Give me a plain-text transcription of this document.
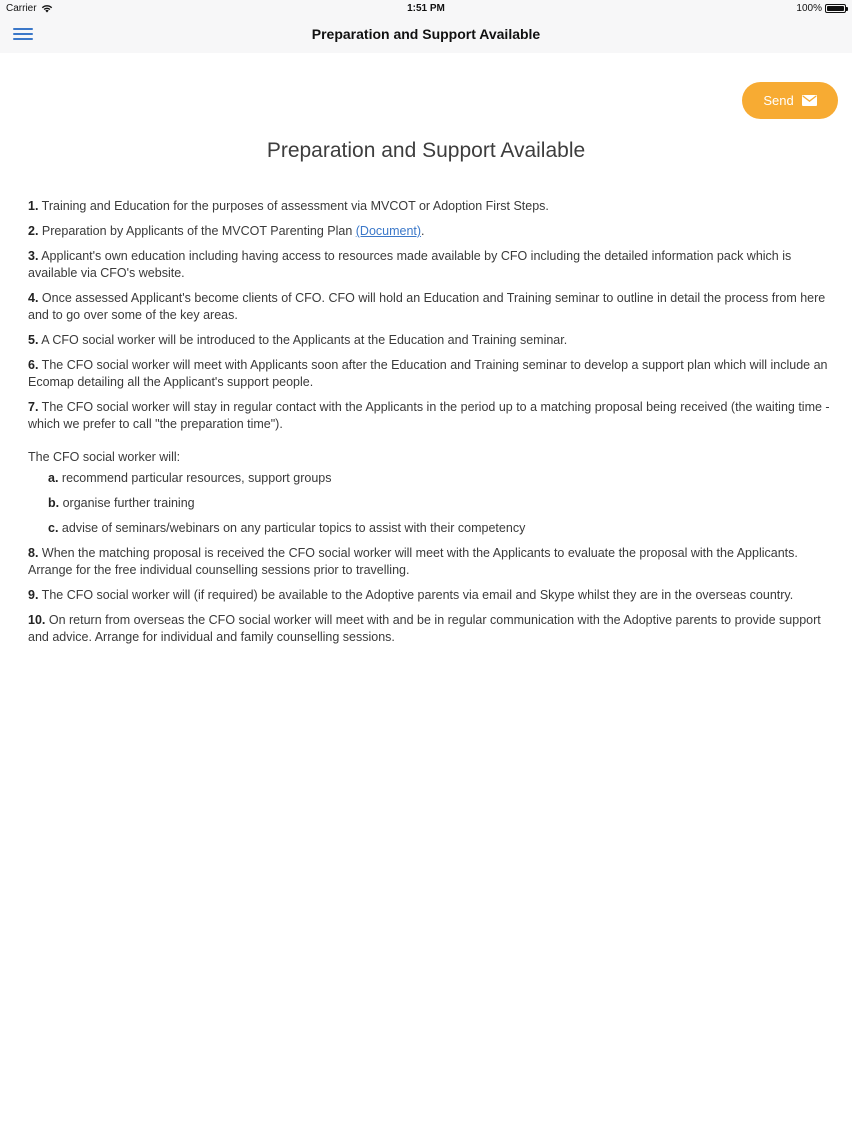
Carrier	1:51 PM	100%
Preparation and Support Available
Send
Preparation and Support Available
1. Training and Education for the purposes of assessment via MVCOT or Adoption First Steps.
2. Preparation by Applicants of the MVCOT Parenting Plan (Document).
3. Applicant's own education including having access to resources made available by CFO including the detailed information pack which is available via CFO's website.
4. Once assessed Applicant's become clients of CFO. CFO will hold an Education and Training seminar to outline in detail the process from here and to go over some of the key areas.
5. A CFO social worker will be introduced to the Applicants at the Education and Training seminar.
6. The CFO social worker will meet with Applicants soon after the Education and Training seminar to develop a support plan which will include an Ecomap detailing all the Applicant's support people.
7. The CFO social worker will stay in regular contact with the Applicants in the period up to a matching proposal being received (the waiting time - which we prefer to call "the preparation time").
The CFO social worker will:
a. recommend particular resources, support groups
b. organise further training
c. advise of seminars/webinars on any particular topics to assist with their competency
8. When the matching proposal is received the CFO social worker will meet with the Applicants to evaluate the proposal with the Applicants. Arrange for the free individual counselling sessions prior to travelling.
9. The CFO social worker will (if required) be available to the Adoptive parents via email and Skype whilst they are in the overseas country.
10. On return from overseas the CFO social worker will meet with and be in regular communication with the Adoptive parents to provide support and advice. Arrange for individual and family counselling sessions.
